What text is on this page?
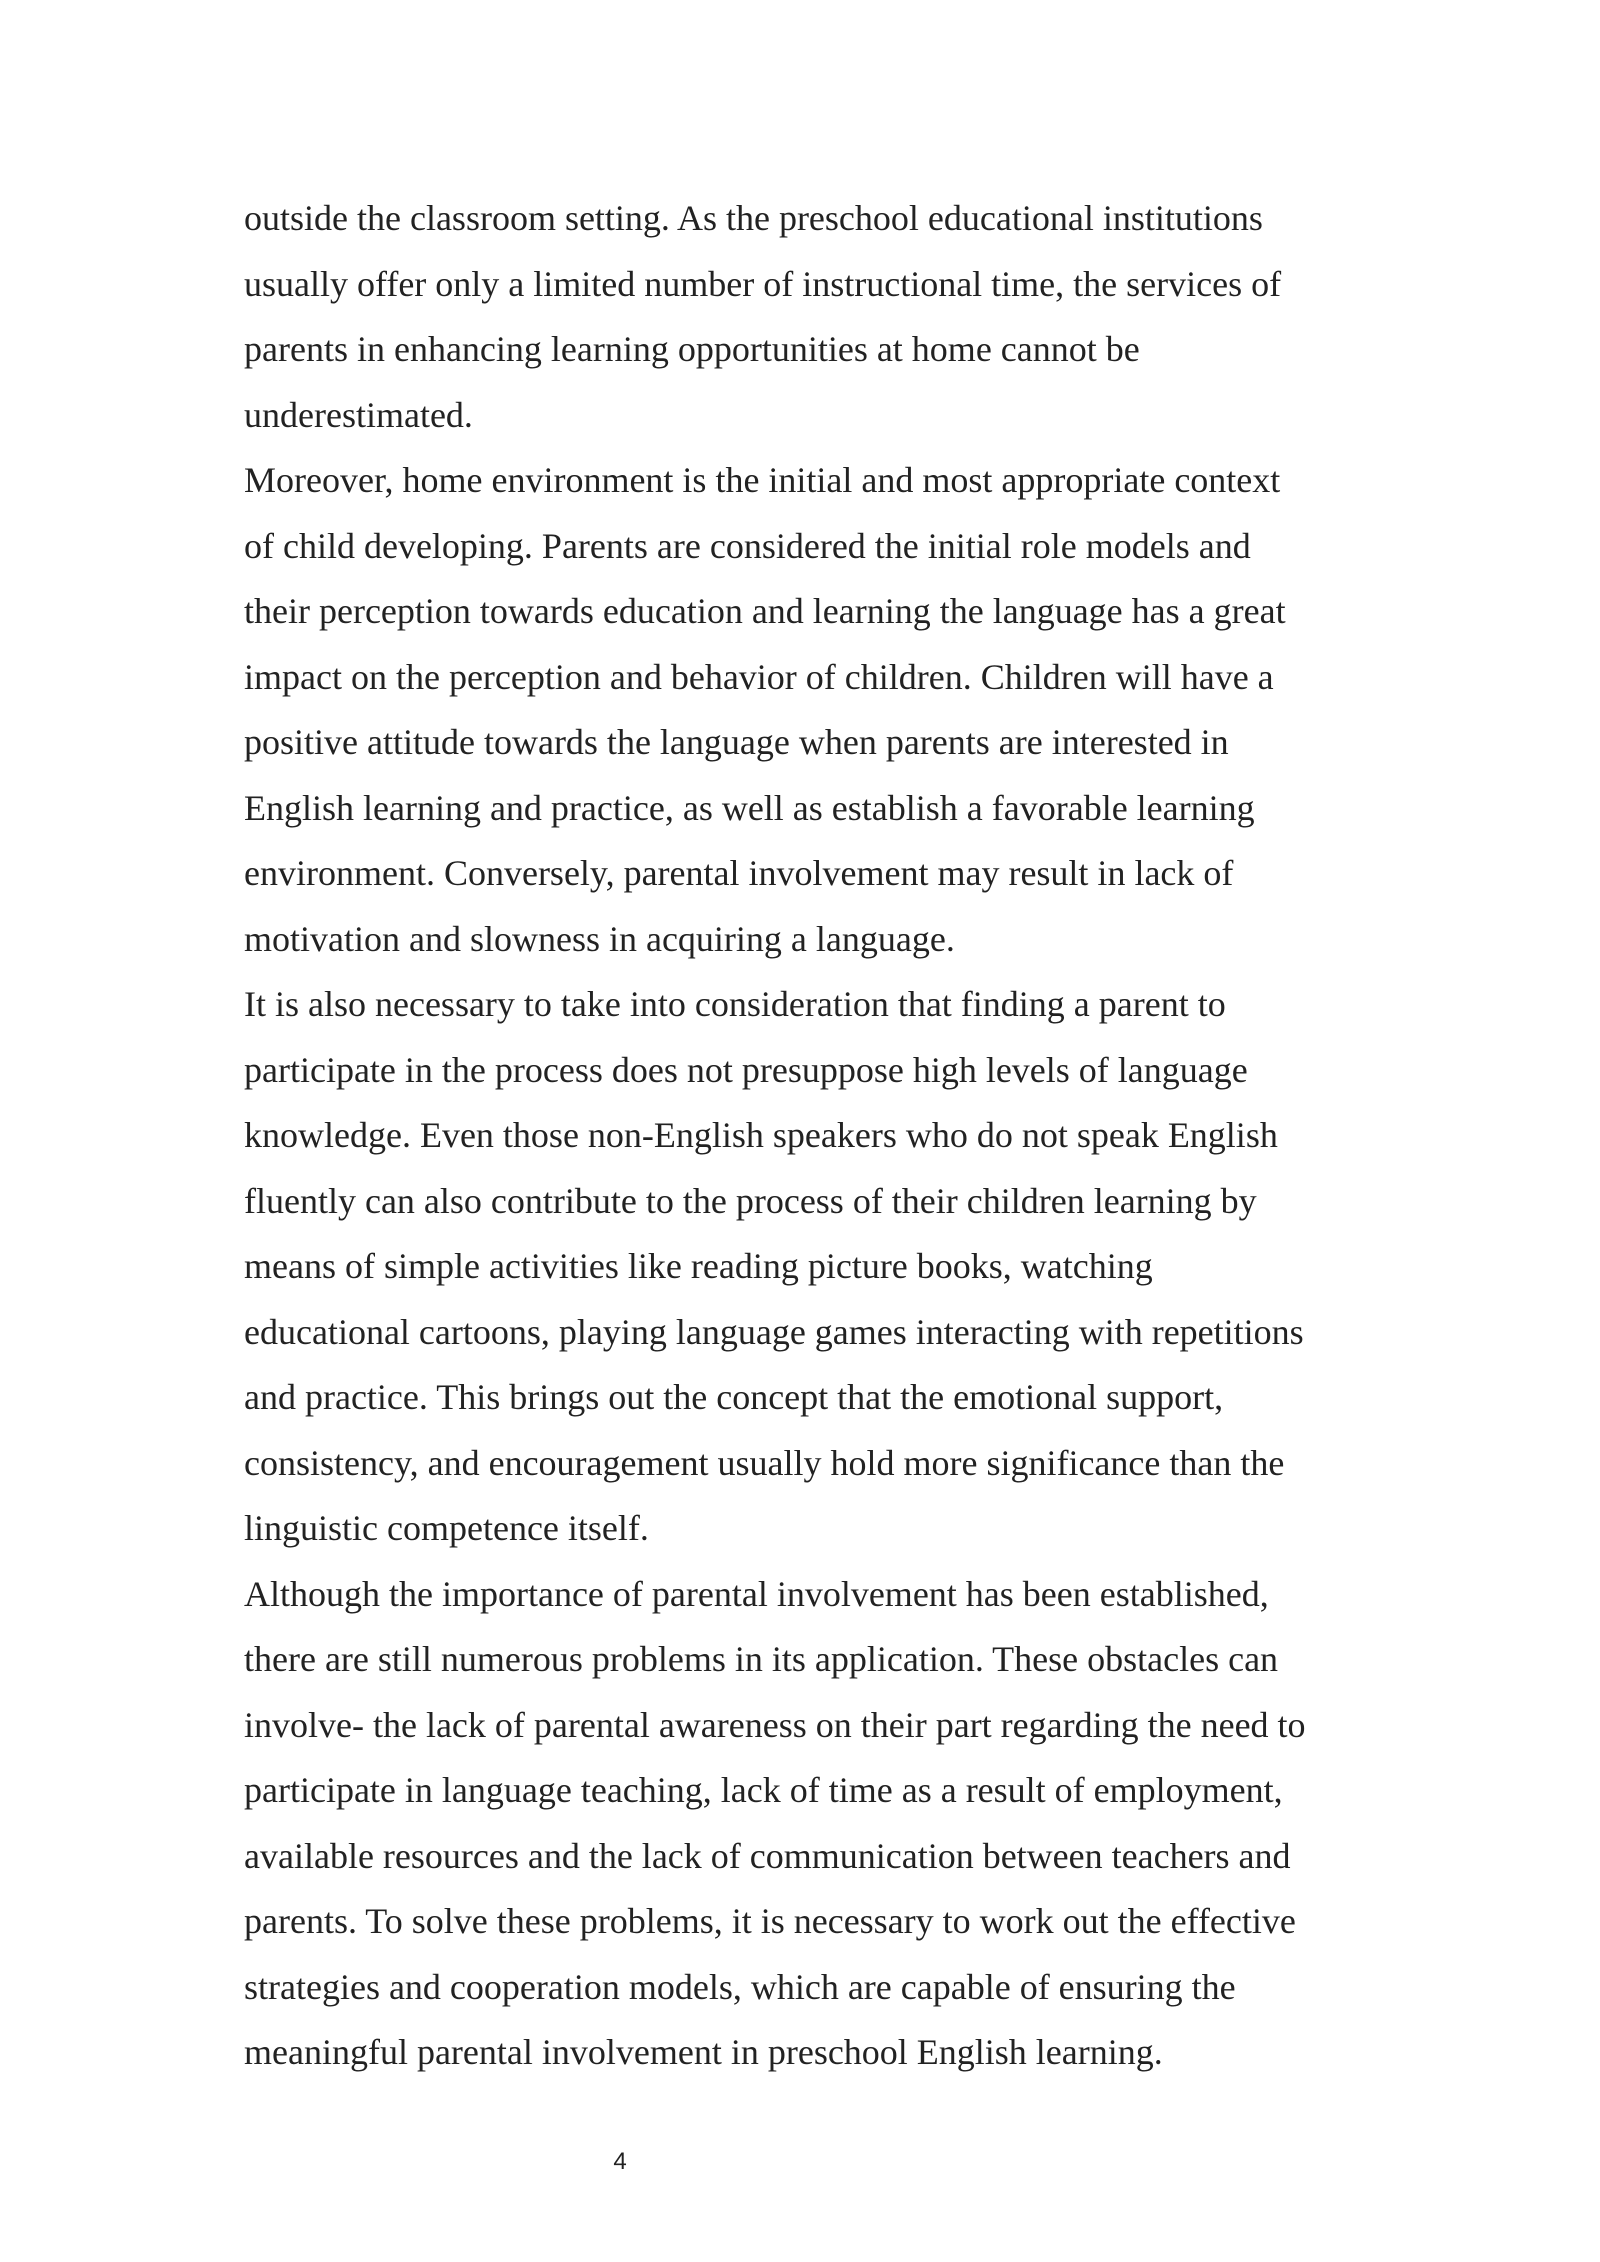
outside the classroom setting. As the preschool educational institutions
usually offer only a limited number of instructional time, the services of
parents in enhancing learning opportunities at home cannot be
underestimated.
Moreover, home environment is the initial and most appropriate context
of child developing. Parents are considered the initial role models and
their perception towards education and learning the language has a great
impact on the perception and behavior of children. Children will have a
positive attitude towards the language when parents are interested in
English learning and practice, as well as establish a favorable learning
environment. Conversely, parental involvement may result in lack of
motivation and slowness in acquiring a language.
It is also necessary to take into consideration that finding a parent to
participate in the process does not presuppose high levels of language
knowledge. Even those non-English speakers who do not speak English
fluently can also contribute to the process of their children learning by
means of simple activities like reading picture books, watching
educational cartoons, playing language games interacting with repetitions
and practice. This brings out the concept that the emotional support,
consistency, and encouragement usually hold more significance than the
linguistic competence itself.
Although the importance of parental involvement has been established,
there are still numerous problems in its application. These obstacles can
involve- the lack of parental awareness on their part regarding the need to
participate in language teaching, lack of time as a result of employment,
available resources and the lack of communication between teachers and
parents. To solve these problems, it is necessary to work out the effective
strategies and cooperation models, which are capable of ensuring the
meaningful parental involvement in preschool English learning.
4
